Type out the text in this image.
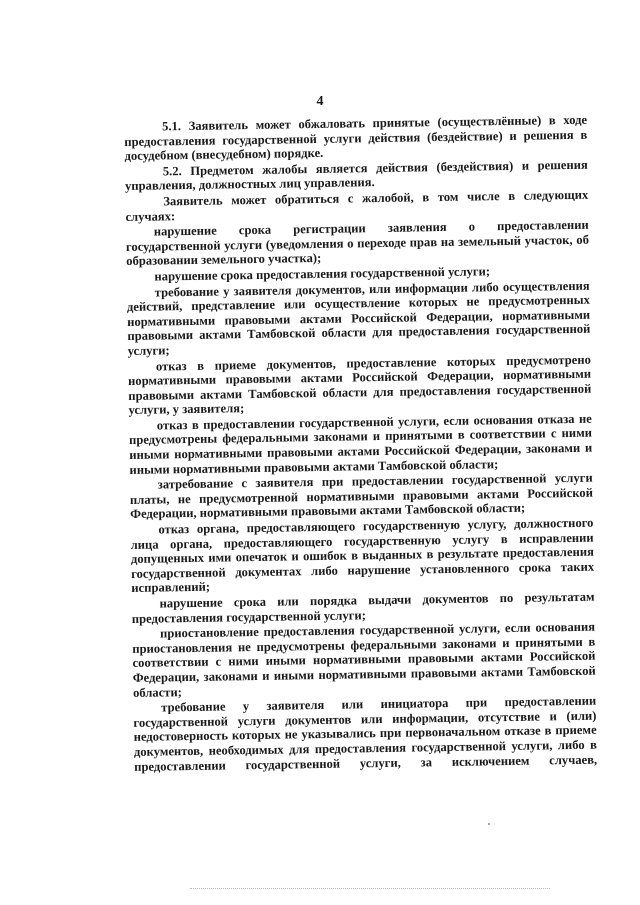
4

5.1. Заявитель может обжаловать принятые (осуществлённые) в ходе предоставления государственной услуги действия (бездействие) и решения в досудебном (внесудебном) порядке.

5.2. Предметом жалобы является действия (бездействия) и решения управления, должностных лиц управления.

Заявитель может обратиться с жалобой, в том числе в следующих случаях:

нарушение срока регистрации заявления о предоставлении государственной услуги (уведомления о переходе прав на земельный участок, об образовании земельного участка);

нарушение срока предоставления государственной услуги;

требование у заявителя документов, или информации либо осуществления действий, представление или осуществление которых не предусмотренных нормативными правовыми актами Российской Федерации, нормативными правовыми актами Тамбовской области для предоставления государственной услуги;

отказ в приеме документов, предоставление которых предусмотрено нормативными правовыми актами Российской Федерации, нормативными правовыми актами Тамбовской области для предоставления государственной услуги, у заявителя;

отказ в предоставлении государственной услуги, если основания отказа не предусмотрены федеральными законами и принятыми в соответствии с ними иными нормативными правовыми актами Российской Федерации, законами и иными нормативными правовыми актами Тамбовской области;

затребование с заявителя при предоставлении государственной услуги платы, не предусмотренной нормативными правовыми актами Российской Федерации, нормативными правовыми актами Тамбовской области;

отказ органа, предоставляющего государственную услугу, должностного лица органа, предоставляющего государственную услугу в исправлении допущенных ими опечаток и ошибок в выданных в результате предоставления государственной документах либо нарушение установленного срока таких исправлений;

нарушение срока или порядка выдачи документов по результатам предоставления государственной услуги;

приостановление предоставления государственной услуги, если основания приостановления не предусмотрены федеральными законами и принятыми в соответствии с ними иными нормативными правовыми актами Российской Федерации, законами и иными нормативными правовыми актами Тамбовской области;

требование у заявителя или инициатора при предоставлении государственной услуги документов или информации, отсутствие и (или) недостоверность которых не указывались при первоначальном отказе в приеме документов, необходимых для предоставления государственной услуги, либо в предоставлении государственной услуги, за исключением случаев,
